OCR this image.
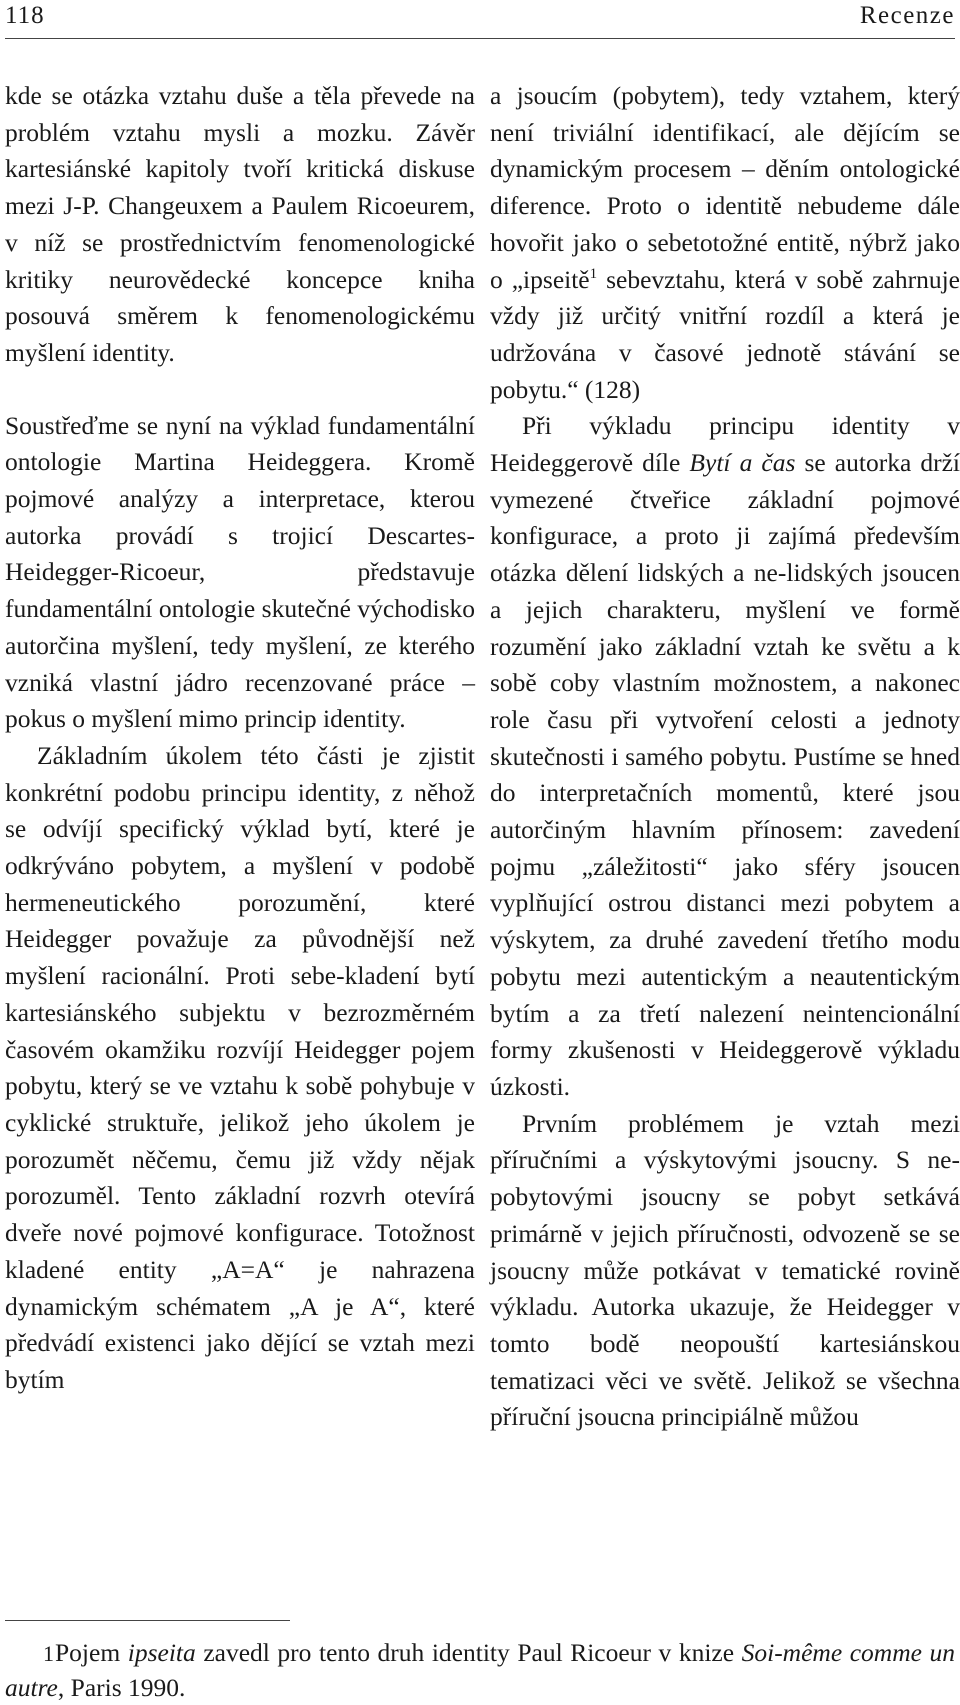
118	Recenze

kde se otázka vztahu duše a těla převede na problém vztahu mysli a mozku. Závěr kartesiánské kapitoly tvoří kritická diskuse mezi J-P. Changeuxem a Paulem Ricoeurem, v níž se prostřednictvím fenomenologické kritiky neurovědecké koncepce kniha posouvá směrem k fenomenologickému myšlení identity.

Soustřeďme se nyní na výklad fundamentální ontologie Martina Heideggera. Kromě pojmové analýzy a interpretace, kterou autorka provádí s trojicí Descartes-Heidegger-Ricoeur, představuje fundamentální ontologie skutečné východisko autorčina myšlení, tedy myšlení, ze kterého vzniká vlastní jádro recenzované práce – pokus o myšlení mimo princip identity.

Základním úkolem této části je zjistit konkrétní podobu principu identity, z něhož se odvíjí specifický výklad bytí, které je odkrýváno pobytem, a myšlení v podobě hermeneutického porozumění, které Heidegger považuje za původnější než myšlení racionální. Proti sebe-kladení bytí kartesiánského subjektu v bezrozměrném časovém okamžiku rozvíjí Heidegger pojem pobytu, který se ve vztahu k sobě pohybuje v cyklické struktuře, jelikož jeho úkolem je porozumět něčemu, čemu již vždy nějak porozuměl. Tento základní rozvrh otevírá dveře nové pojmové konfigurace. Totožnost kladené entity „A=A“ je nahrazena dynamickým schématem „A je A“, které předvádí existenci jako dějící se vztah mezi bytím

a jsoucím (pobytem), tedy vztahem, který není triviální identifikací, ale dějícím se dynamickým procesem – děním ontologické diference. Proto o identitě nebudeme dále hovořit jako o sebetotožné entitě, nýbrž jako o „ipseitě$^1$ sebevztahu, která v sobě zahrnuje vždy již určitý vnitřní rozdíl a která je udržována v časové jednotě stávání se pobytu.“ (128)

Při výkladu principu identity v Heideggerově díle Bytí a čas se autorka drží vymezené čtveřice základní pojmové konfigurace, a proto ji zajímá především otázka dělení lidských a ne-lidských jsoucen a jejich charakteru, myšlení ve formě rozumění jako základní vztah ke světu a k sobě coby vlastním možnostem, a nakonec role času při vytvoření celosti a jednoty skutečnosti i samého pobytu. Pustíme se hned do interpretačních momentů, které jsou autorčiným hlavním přínosem: zavedení pojmu „záležitosti“ jako sféry jsoucen vyplňující ostrou distanci mezi pobytem a výskytem, za druhé zavedení třetího modu pobytu mezi autentickým a neautentickým bytím a za třetí nalezení neintencionální formy zkušenosti v Heideggerově výkladu úzkosti.

Prvním problémem je vztah mezi příručními a výskytovými jsoucny. S ne-pobytovými jsoucny se pobyt setkává primárně v jejich příručnosti, odvozeně se se jsoucny může potkávat v tematické rovině výkladu. Autorka ukazuje, že Heidegger v tomto bodě neopouští kartesiánskou tematizaci věci ve světě. Jelikož se všechna příruční jsoucna principiálně můžou

1Pojem ipseita zavedl pro tento druh identity Paul Ricoeur v knize Soi-même comme un autre, Paris 1990.
